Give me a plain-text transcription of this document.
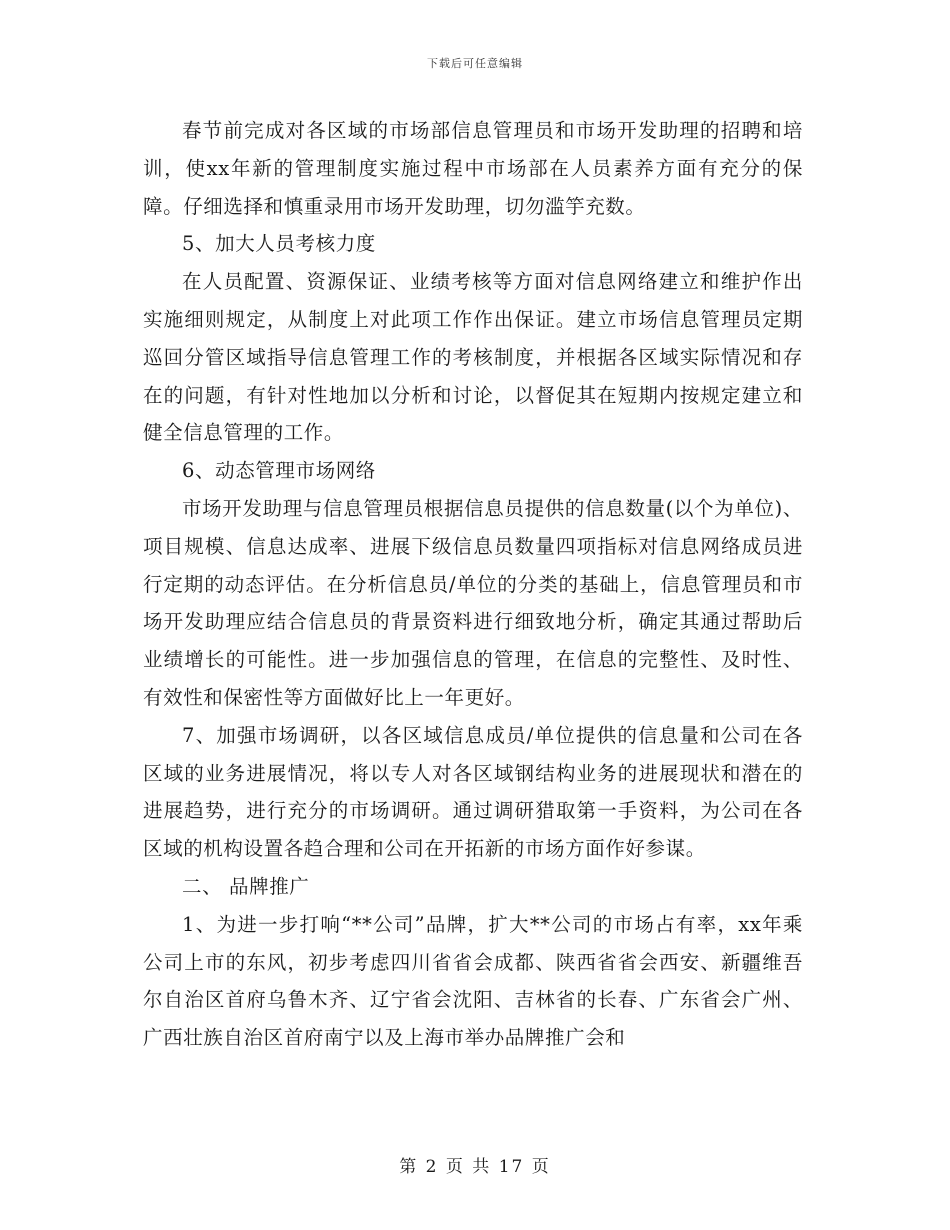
下载后可任意编辑

春节前完成对各区域的市场部信息管理员和市场开发助理的招聘和培训，使xx年新的管理制度实施过程中市场部在人员素养方面有充分的保障。仔细选择和慎重录用市场开发助理，切勿滥竽充数。

5、加大人员考核力度

在人员配置、资源保证、业绩考核等方面对信息网络建立和维护作出实施细则规定，从制度上对此项工作作出保证。建立市场信息管理员定期巡回分管区域指导信息管理工作的考核制度，并根据各区域实际情况和存在的问题，有针对性地加以分析和讨论，以督促其在短期内按规定建立和健全信息管理的工作。

6、动态管理市场网络

市场开发助理与信息管理员根据信息员提供的信息数量(以个为单位)、项目规模、信息达成率、进展下级信息员数量四项指标对信息网络成员进行定期的动态评估。在分析信息员/单位的分类的基础上，信息管理员和市场开发助理应结合信息员的背景资料进行细致地分析，确定其通过帮助后业绩增长的可能性。进一步加强信息的管理，在信息的完整性、及时性、有效性和保密性等方面做好比上一年更好。

7、加强市场调研，以各区域信息成员/单位提供的信息量和公司在各区域的业务进展情况，将以专人对各区域钢结构业务的进展现状和潜在的进展趋势，进行充分的市场调研。通过调研猎取第一手资料，为公司在各区域的机构设置各趋合理和公司在开拓新的市场方面作好参谋。

二、 品牌推广

1、为进一步打响“**公司”品牌，扩大**公司的市场占有率，xx年乘公司上市的东风，初步考虑四川省省会成都、陕西省省会西安、新疆维吾尔自治区首府乌鲁木齐、辽宁省会沈阳、吉林省的长春、广东省会广州、广西壮族自治区首府南宁以及上海市举办品牌推广会和

第 2 页 共 17 页
